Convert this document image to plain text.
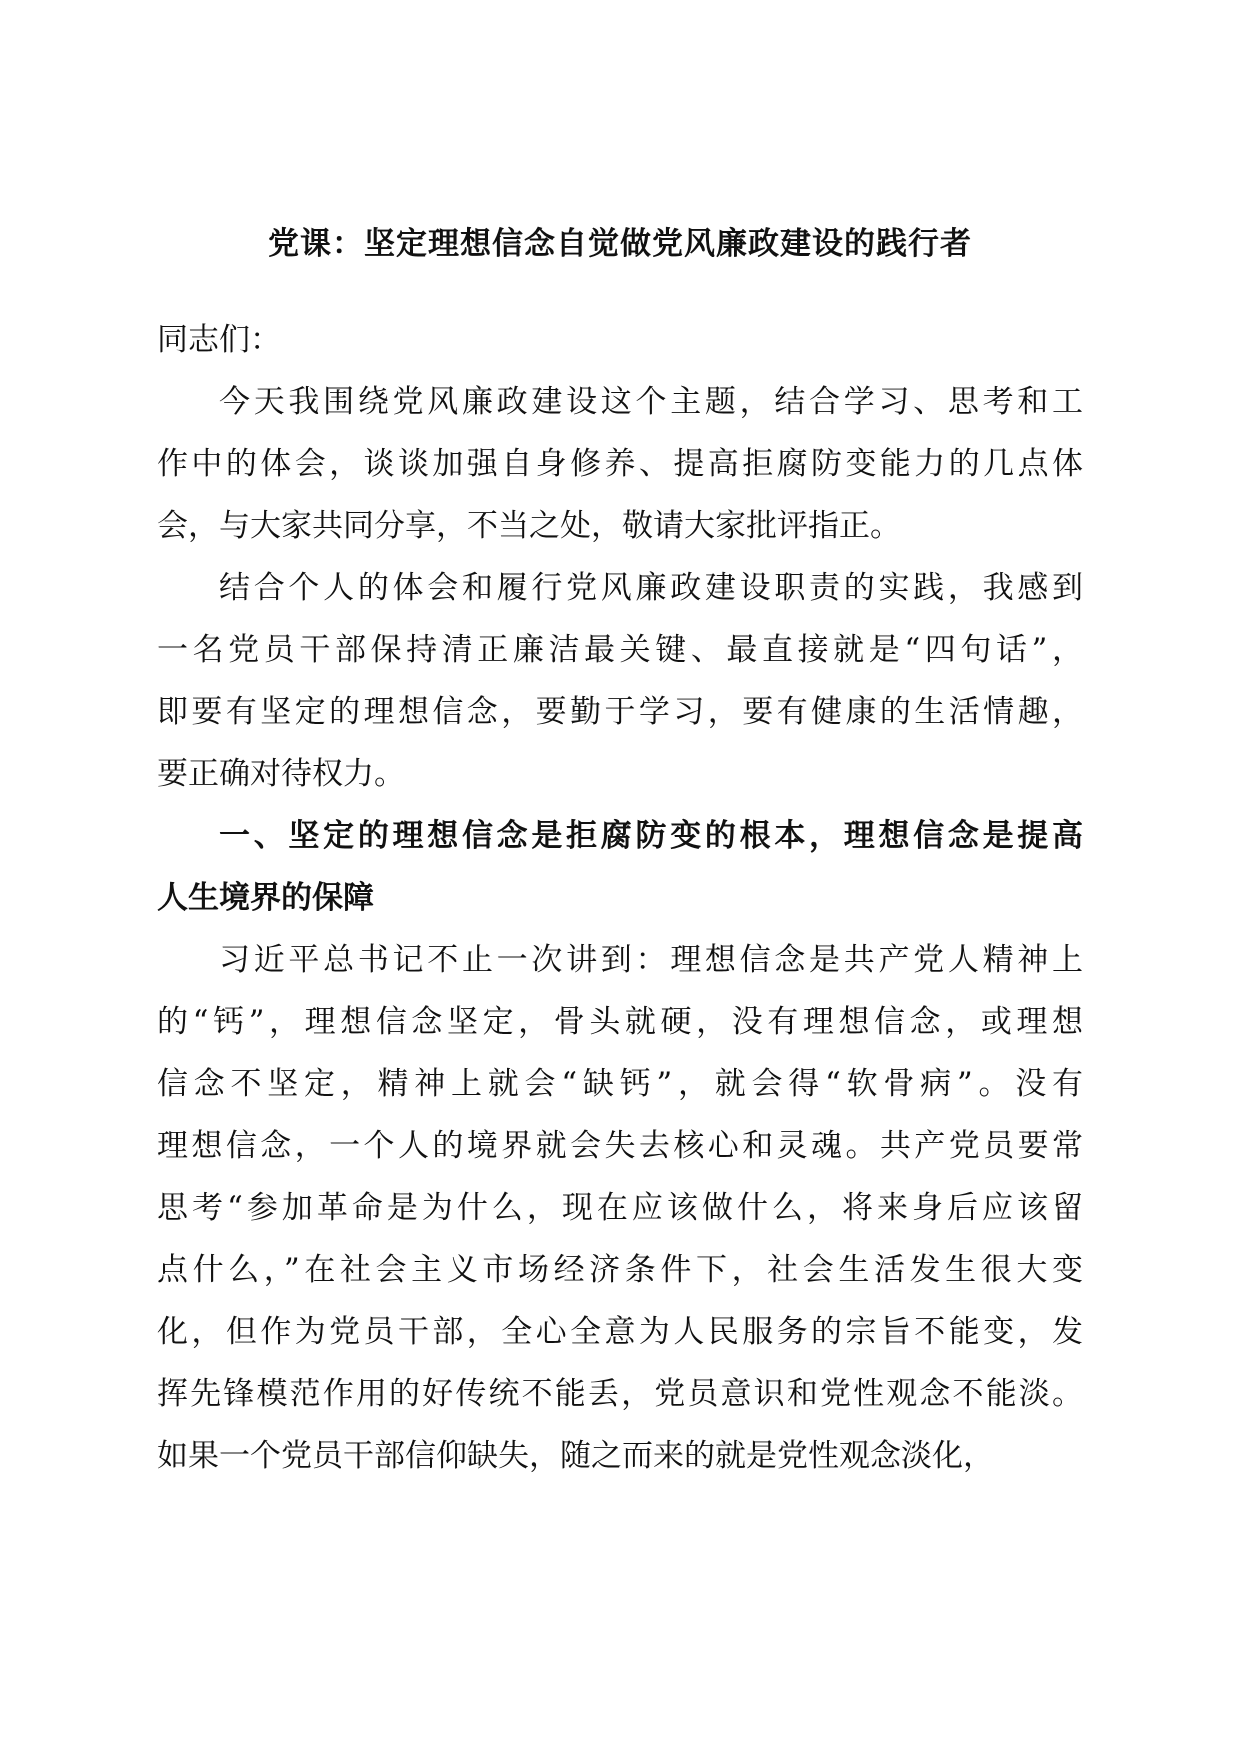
党课：坚定理想信念自觉做党风廉政建设的践行者
同志们：
今天我围绕党风廉政建设这个主题，结合学习、思考和工
作中的体会，谈谈加强自身修养、提高拒腐防变能力的几点体
会，与大家共同分享，不当之处，敬请大家批评指正。
结合个人的体会和履行党风廉政建设职责的实践，我感到
一名党员干部保持清正廉洁最关键、最直接就是“四句话”，
即要有坚定的理想信念，要勤于学习，要有健康的生活情趣，
要正确对待权力。
一、坚定的理想信念是拒腐防变的根本，理想信念是提高
人生境界的保障
习近平总书记不止一次讲到：理想信念是共产党人精神上
的“钙”，理想信念坚定，骨头就硬，没有理想信念，或理想
信念不坚定，精神上就会“缺钙”，就会得“软骨病”。没有
理想信念，一个人的境界就会失去核心和灵魂。共产党员要常
思考“参加革命是为什么，现在应该做什么，将来身后应该留
点什么，”在社会主义市场经济条件下，社会生活发生很大变
化，但作为党员干部，全心全意为人民服务的宗旨不能变，发
挥先锋模范作用的好传统不能丢，党员意识和党性观念不能淡。
如果一个党员干部信仰缺失，随之而来的就是党性观念淡化，
